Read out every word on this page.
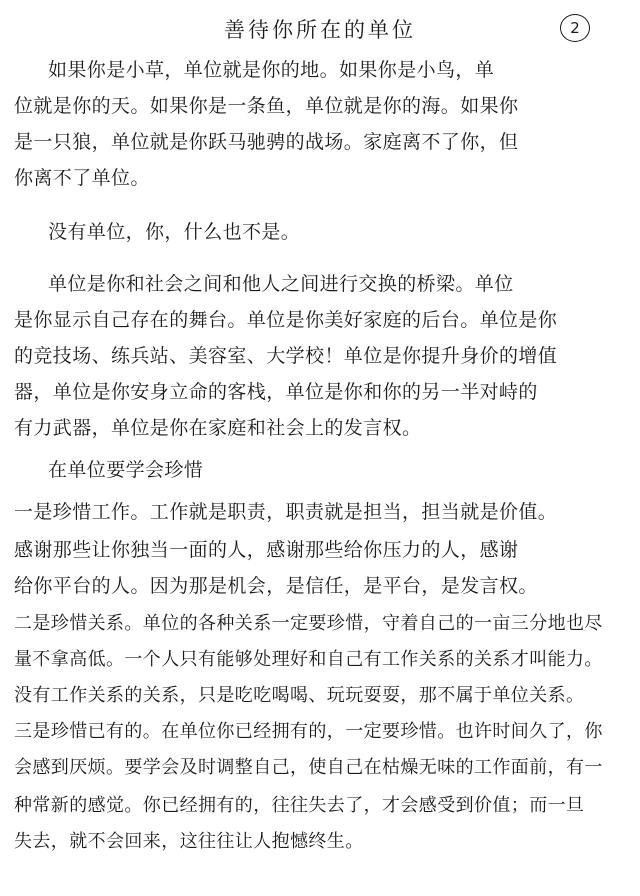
善待你所在的单位	2
如果你是小草，单位就是你的地。如果你是小鸟，单
位就是你的天。如果你是一条鱼，单位就是你的海。如果你
是一只狼，单位就是你跃马驰骋的战场。家庭离不了你，但
你离不了单位。
没有单位，你，什么也不是。
单位是你和社会之间和他人之间进行交换的桥梁。单位
是你显示自己存在的舞台。单位是你美好家庭的后台。单位是你
的竞技场、练兵站、美容室、大学校！单位是你提升身价的增值
器，单位是你安身立命的客栈，单位是你和你的另一半对峙的
有力武器，单位是你在家庭和社会上的发言权。
在单位要学会珍惜
一是珍惜工作。工作就是职责，职责就是担当，担当就是价值。
感谢那些让你独当一面的人，感谢那些给你压力的人，感谢
给你平台的人。因为那是机会，是信任，是平台，是发言权。
二是珍惜关系。单位的各种关系一定要珍惜，守着自己的一亩三分地也尽
量不拿高低。一个人只有能够处理好和自己有工作关系的关系才叫能力。
没有工作关系的关系，只是吃吃喝喝、玩玩耍耍，那不属于单位关系。
三是珍惜已有的。在单位你已经拥有的，一定要珍惜。也许时间久了，你
会感到厌烦。要学会及时调整自己，使自己在枯燥无味的工作面前，有一
种常新的感觉。你已经拥有的，往往失去了，才会感受到价值；而一旦
失去，就不会回来，这往往让人抱憾终生。
